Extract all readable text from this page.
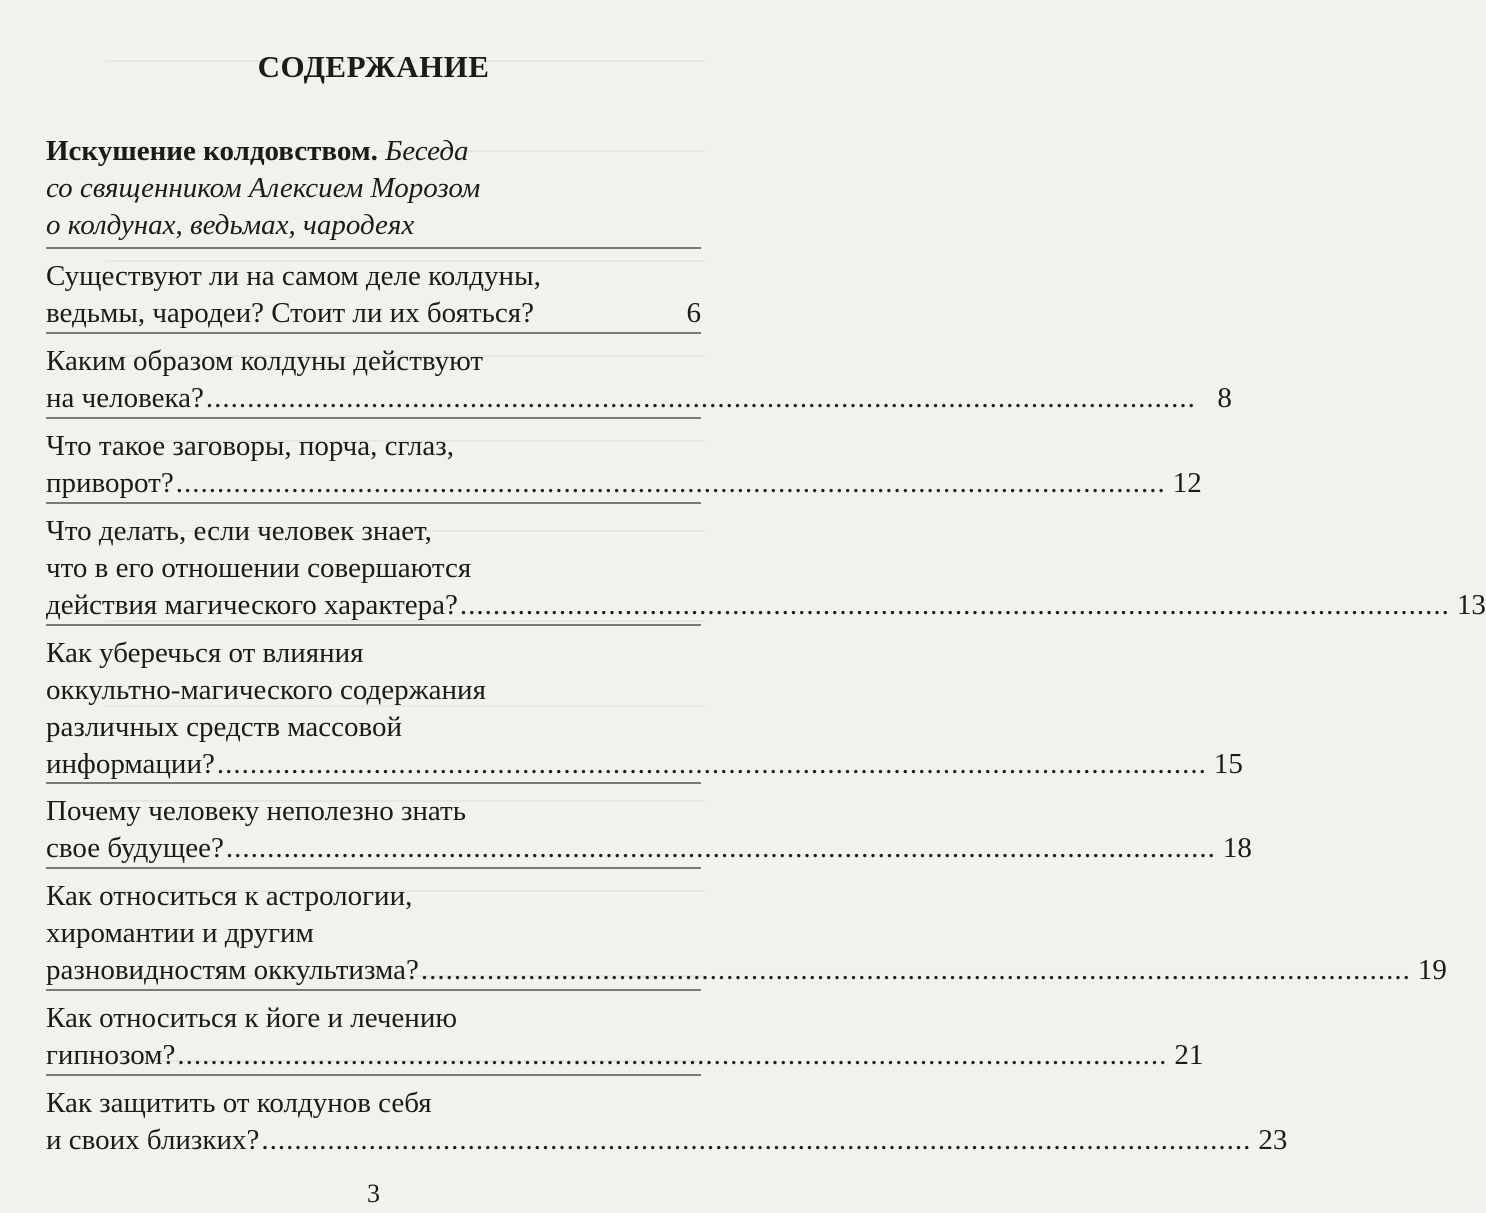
СОДЕРЖАНИЕ
Искушение колдовством. Беседа
со священником Алексием Морозом
о колдунах, ведьмах, чародеях
Существуют ли на самом деле колдуны,
ведьмы, чародеи? Стоит ли их бояться?	6
Каким образом колдуны действуют
на человека? ........................................................................................................................ 8
Что такое заговоры, порча, сглаз,
приворот? ........................................................................................................................ 12
Что делать, если человек знает,
что в его отношении совершаются
действия магического характера? ........................................................................................................................ 13
Как уберечься от влияния
оккультно-магического содержания
различных средств массовой
информации? ........................................................................................................................ 15
Почему человеку неполезно знать
свое будущее? ........................................................................................................................ 18
Как относиться к астрологии,
хиромантии и другим
разновидностям оккультизма? ........................................................................................................................ 19
Как относиться к йоге и лечению
гипнозом? ........................................................................................................................ 21
Как защитить от колдунов себя
и своих близких? ........................................................................................................................ 23
3
